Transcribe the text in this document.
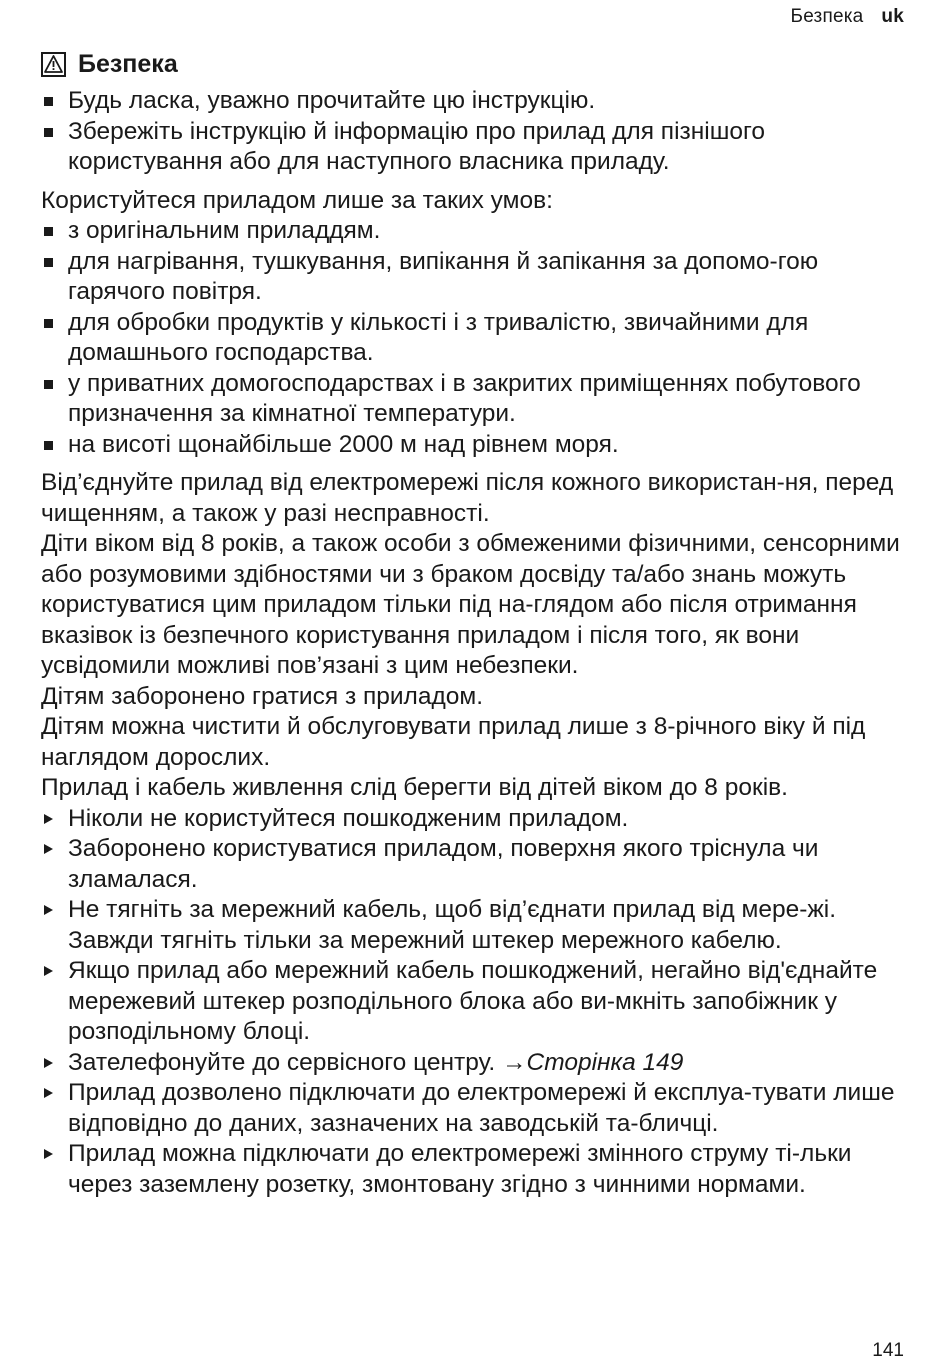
Безпека uk
Безпека
Будь ласка, уважно прочитайте цю інструкцію.
Збережіть інструкцію й інформацію про прилад для пізнішого користування або для наступного власника приладу.

Користуйтеся приладом лише за таких умов:

з оригінальним приладдям.
для нагрівання, тушкування, випікання й запікання за допомо-гою гарячого повітря.
для обробки продуктів у кількості і з тривалістю, звичайними для домашнього господарства.
у приватних домогосподарствах і в закритих приміщеннях побутового призначення за кімнатної температури.
на висоті щонайбільше 2000 м над рівнем моря.

Від’єднуйте прилад від електромережі після кожного використан-ня, перед чищенням, а також у разі несправності.

Діти віком від 8 років, а також особи з обмеженими фізичними, сенсорними або розумовими здібностями чи з браком досвіду та/або знань можуть користуватися цим приладом тільки під на-глядом або після отримання вказівок із безпечного користування приладом і після того, як вони усвідомили можливі пов’язані з цим небезпеки.

Дітям заборонено гратися з приладом.

Дітям можна чистити й обслуговувати прилад лише з 8-річного віку й під наглядом дорослих.

Прилад і кабель живлення слід берегти від дітей віком до 8 років.

Ніколи не користуйтеся пошкодженим приладом.
Заборонено користуватися приладом, поверхня якого тріснула чи зламалася.
Не тягніть за мережний кабель, щоб від’єднати прилад від мере-жі. Завжди тягніть тільки за мережний штекер мережного кабелю.
Якщо прилад або мережний кабель пошкоджений, негайно від'єднайте мережевий штекер розподільного блока або ви-мкніть запобіжник у розподільному блоці.
Зателефонуйте до сервісного центру. →Сторінка 149
Прилад дозволено підключати до електромережі й експлуа-тувати лише відповідно до даних, зазначених на заводській та-бличці.
Прилад можна підключати до електромережі змінного струму ті-льки через заземлену розетку, змонтовану згідно з чинними нормами.
141
